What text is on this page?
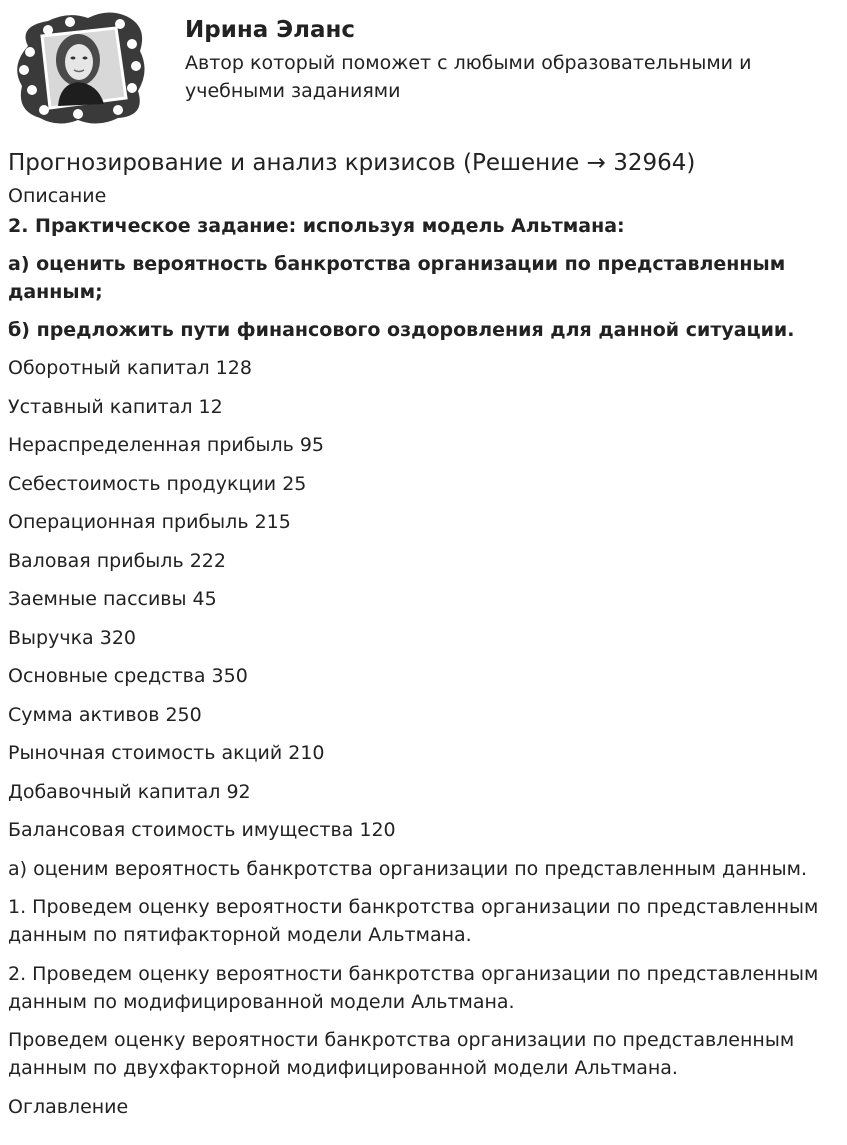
Ирина Эланс
Автор который поможет с любыми образовательными и учебными заданиями
Прогнозирование и анализ кризисов (Решение → 32964)
Описание

2. Практическое задание: используя модель Альтмана:

а) оценить вероятность банкротства организации по представленным данным;

б) предложить пути финансового оздоровления для данной ситуации.

Оборотный капитал 128

Уставный капитал 12

Нераспределенная прибыль 95

Себестоимость продукции 25

Операционная прибыль 215

Валовая прибыль 222

Заемные пассивы 45

Выручка 320

Основные средства 350

Сумма активов 250

Рыночная стоимость акций 210

Добавочный капитал 92

Балансовая стоимость имущества 120

а) оценим вероятность банкротства организации по представленным данным.

1. Проведем оценку вероятности банкротства организации по представленным данным по пятифакторной модели Альтмана.

2. Проведем оценку вероятности банкротства организации по представленным данным по модифицированной модели Альтмана.

Проведем оценку вероятности банкротства организации по представленным данным по двухфакторной модифицированной модели Альтмана.

Оглавление
